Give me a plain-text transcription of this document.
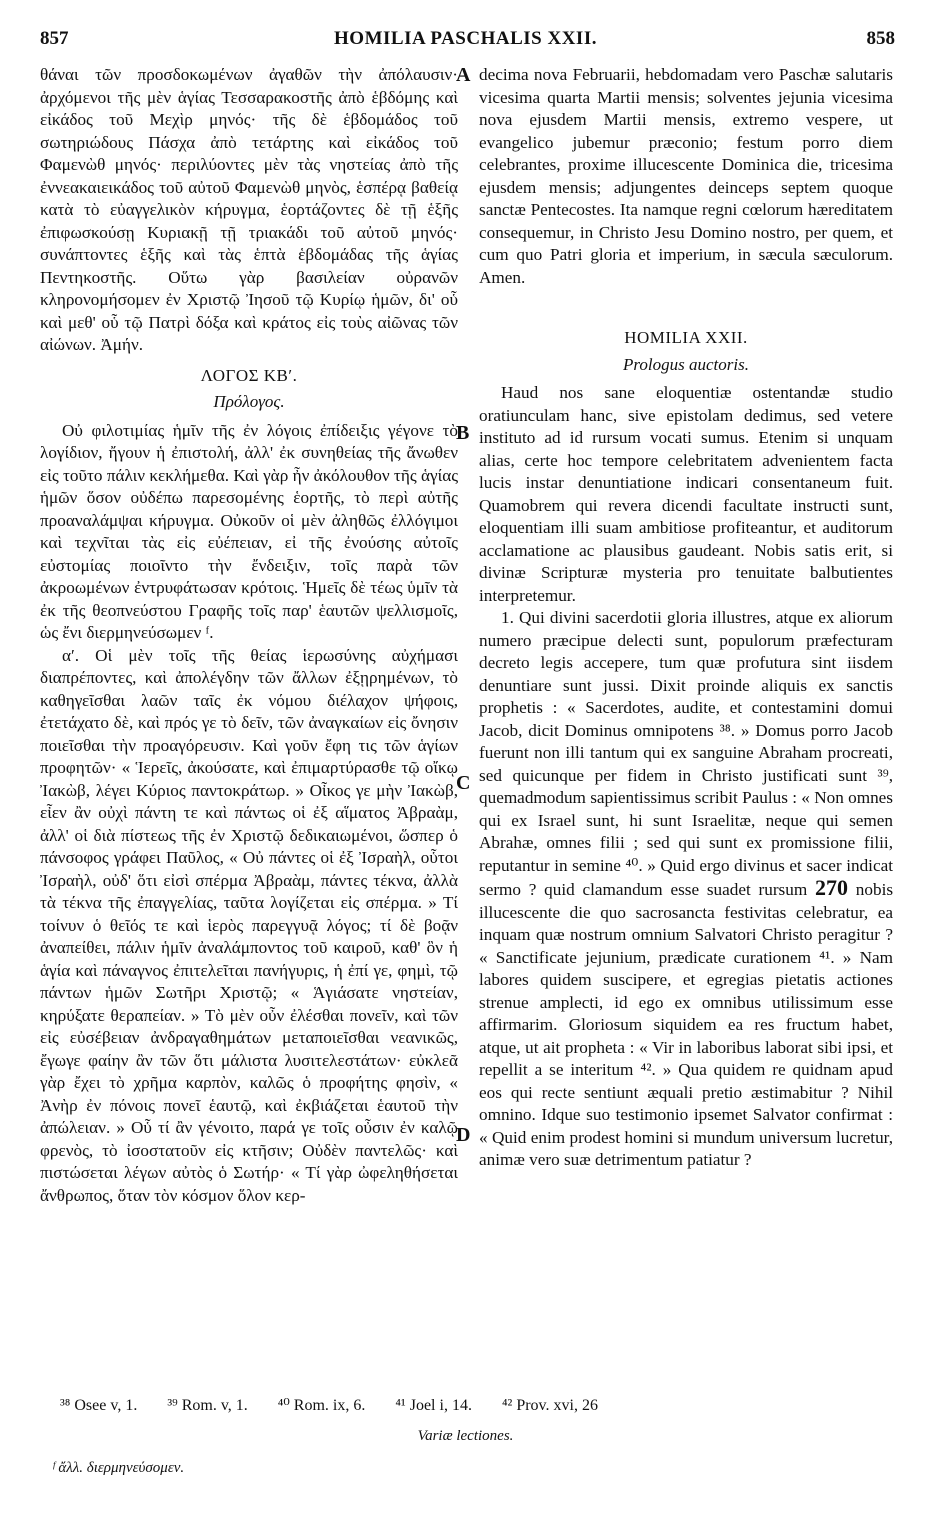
857	HOMILIA PASCHALIS XXII.	858

θάναι τῶν προσδοκωμένων ἀγαθῶν τὴν ἀπόλαυσιν· ἀρχόμενοι τῆς μὲν ἁγίας Τεσσαρακοστῆς ἀπὸ ἑβδόμης καὶ εἰκάδος τοῦ Μεχὶρ μηνός· τῆς δὲ ἑβδομάδος τοῦ σωτηριώδους Πάσχα ἀπὸ τετάρτης καὶ εἰκάδος τοῦ Φαμενὼθ μηνός· περιλύοντες μὲν τὰς νηστείας ἀπὸ τῆς ἐννεακαιεικάδος τοῦ αὐτοῦ Φαμενὼθ μηνὸς, ἑσπέρᾳ βαθείᾳ κατὰ τὸ εὐαγγελικὸν κήρυγμα, ἑορτάζοντες δὲ τῇ ἑξῆς ἐπιφωσκούσῃ Κυριακῇ τῇ τριακάδι τοῦ αὐτοῦ μηνός· συνάπτοντες ἑξῆς καὶ τὰς ἑπτὰ ἑβδομάδας τῆς ἁγίας Πεντηκοστῆς. Οὕτω γὰρ βασιλείαν οὐρανῶν κληρονομήσομεν ἐν Χριστῷ Ἰησοῦ τῷ Κυρίῳ ἡμῶν, δι' οὗ καὶ μεθ' οὗ τῷ Πατρὶ δόξα καὶ κράτος εἰς τοὺς αἰῶνας τῶν αἰώνων. Ἀμήν.

ΛΟΓΟΣ ΚΒʹ.

Πρόλογος.

Οὐ φιλοτιμίας ἡμῖν τῆς ἐν λόγοις ἐπίδειξις γέγονε τὸ λογίδιον, ἤγουν ἡ ἐπιστολή, ἀλλ' ἐκ συνηθείας τῆς ἄνωθεν εἰς τοῦτο πάλιν κεκλήμεθα. Καὶ γὰρ ἦν ἀκόλουθον τῆς ἁγίας ἡμῶν ὅσον οὐδέπω παρεσομένης ἑορτῆς, τὸ περὶ αὐτῆς προαναλάμψαι κήρυγμα. Οὐκοῦν οἱ μὲν ἀληθῶς ἐλλόγιμοι καὶ τεχνῖται τὰς εἰς εὐέπειαν, εἰ τῆς ἐνούσης αὐτοῖς εὐστομίας ποιοῖντο τὴν ἔνδειξιν, τοῖς παρὰ τῶν ἀκροωμένων ἐντρυφάτωσαν κρότοις. Ἡμεῖς δὲ τέως ὑμῖν τὰ ἐκ τῆς θεοπνεύστου Γραφῆς τοῖς παρ' ἑαυτῶν ψελλισμοῖς, ὡς ἔνι διερμηνεύσωμεν ᶠ.

αʹ. Οἱ μὲν τοῖς τῆς θείας ἱερωσύνης αὐχήμασι διαπρέποντες, καὶ ἀπολέγδην τῶν ἄλλων ἐξῃρημένων, τὸ καθηγεῖσθαι λαῶν ταῖς ἐκ νόμου διέλαχον ψήφοις, ἐτετάχατο δὲ, καὶ πρός γε τὸ δεῖν, τῶν ἀναγκαίων εἰς ὄνησιν ποιεῖσθαι τὴν προαγόρευσιν. Καὶ γοῦν ἔφη τις τῶν ἁγίων προφητῶν· « Ἱερεῖς, ἀκούσατε, καὶ ἐπιμαρτύρασθε τῷ οἴκῳ Ἰακὼβ, λέγει Κύριος παντοκράτωρ. » Οἶκος γε μὴν Ἰακὼβ, εἶεν ἂν οὐχὶ πάντη τε καὶ πάντως οἱ ἐξ αἵματος Ἀβραὰμ, ἀλλ' οἱ διὰ πίστεως τῆς ἐν Χριστῷ δεδικαιωμένοι, ὥσπερ ὁ πάνσοφος γράφει Παῦλος, « Οὐ πάντες οἱ ἐξ Ἰσραὴλ, οὗτοι Ἰσραὴλ, οὐδ' ὅτι εἰσὶ σπέρμα Ἀβραὰμ, πάντες τέκνα, ἀλλὰ τὰ τέκνα τῆς ἐπαγγελίας, ταῦτα λογίζεται εἰς σπέρμα. » Τί τοίνυν ὁ θεῖός τε καὶ ἱερὸς παρεγγυᾷ λόγος; τί δὲ βοᾷν ἀναπείθει, πάλιν ἡμῖν ἀναλάμποντος τοῦ καιροῦ, καθ' ὃν ἡ ἁγία καὶ πάναγνος ἐπιτελεῖται πανήγυρις, ἡ ἐπί γε, φημὶ, τῷ πάντων ἡμῶν Σωτῆρι Χριστῷ; « Ἁγιάσατε νηστείαν, κηρύξατε θεραπείαν. » Τὸ μὲν οὖν ἐλέσθαι πονεῖν, καὶ τῶν εἰς εὐσέβειαν ἀνδραγαθημάτων μεταποιεῖσθαι νεανικῶς, ἔγωγε φαίην ἂν τῶν ὅτι μάλιστα λυσιτελεστάτων· εὐκλεᾶ γὰρ ἔχει τὸ χρῆμα καρπὸν, καλῶς ὁ προφήτης φησὶν, « Ἀνὴρ ἐν πόνοις πονεῖ ἑαυτῷ, καὶ ἐκβιάζεται ἑαυτοῦ τὴν ἀπώλειαν. » Οὗ τί ἂν γένοιτο, παρά γε τοῖς οὖσιν ἐν καλῷ φρενὸς, τὸ ἰσοστατοῦν εἰς κτῆσιν; Οὐδὲν παντελῶς· καὶ πιστώσεται λέγων αὐτὸς ὁ Σωτήρ· « Τί γὰρ ὠφεληθήσεται ἄνθρωπος, ὅταν τὸν κόσμον ὅλον κερ-

A
B
C
D

decima nova Februarii, hebdomadam vero Paschæ salutaris vicesima quarta Martii mensis; solventes jejunia vicesima nova ejusdem Martii mensis, extremo vespere, ut evangelico jubemur præconio; festum porro diem celebrantes, proxime illucescente Dominica die, tricesima ejusdem mensis; adjungentes deinceps septem quoque sanctæ Pentecostes. Ita namque regni cœlorum hæreditatem consequemur, in Christo Jesu Domino nostro, per quem, et cum quo Patri gloria et imperium, in sæcula sæculorum. Amen.

HOMILIA XXII.

Prologus auctoris.

Haud nos sane eloquentiæ ostentandæ studio oratiunculam hanc, sive epistolam dedimus, sed vetere instituto ad id rursum vocati sumus. Etenim si unquam alias, certe hoc tempore celebritatem advenientem facta lucis instar denuntiatione indicari consentaneum fuit. Quamobrem qui revera dicendi facultate instructi sunt, eloquentiam illi suam ambitiose profiteantur, et auditorum acclamatione ac plausibus gaudeant. Nobis satis erit, si divinæ Scripturæ mysteria pro tenuitate balbutientes interpretemur.

1. Qui divini sacerdotii gloria illustres, atque ex aliorum numero præcipue delecti sunt, populorum præfecturam decreto legis accepere, tum quæ profutura sint iisdem denuntiare sunt jussi. Dixit proinde aliquis ex sanctis prophetis : « Sacerdotes, audite, et contestamini domui Jacob, dicit Dominus omnipotens ³⁸. » Domus porro Jacob fuerunt non illi tantum qui ex sanguine Abraham procreati, sed quicunque per fidem in Christo justificati sunt ³⁹, quemadmodum sapientissimus scribit Paulus : « Non omnes qui ex Israel sunt, hi sunt Israelitæ, neque qui semen Abrahæ, omnes filii ; sed qui sunt ex promissione filii, reputantur in semine ⁴⁰. » Quid ergo divinus et sacer indicat sermo ? quid clamandum esse suadet rursum 270 nobis illucescente die quo sacrosancta festivitas celebratur, ea inquam quæ nostrum omnium Salvatori Christo peragitur ? « Sanctificate jejunium, prædicate curationem ⁴¹. » Nam labores quidem suscipere, et egregias pietatis actiones strenue amplecti, id ego ex omnibus utilissimum esse affirmarim. Gloriosum siquidem ea res fructum habet, atque, ut ait propheta : « Vir in laboribus laborat sibi ipsi, et repellit a se interitum ⁴². » Qua quidem re quidnam apud eos qui recte sentiunt æquali pretio æstimabitur ? Nihil omnino. Idque suo testimonio ipsemet Salvator confirmat : « Quid enim prodest homini si mundum universum lucretur, animæ vero suæ detrimentum patiatur ?

³⁸ Osee v, 1. ³⁹ Rom. v, 1. ⁴⁰ Rom. ix, 6. ⁴¹ Joel i, 14. ⁴² Prov. xvi, 26
Variæ lectiones.
ᶠ ἄλλ. διερμηνεύσομεν.
